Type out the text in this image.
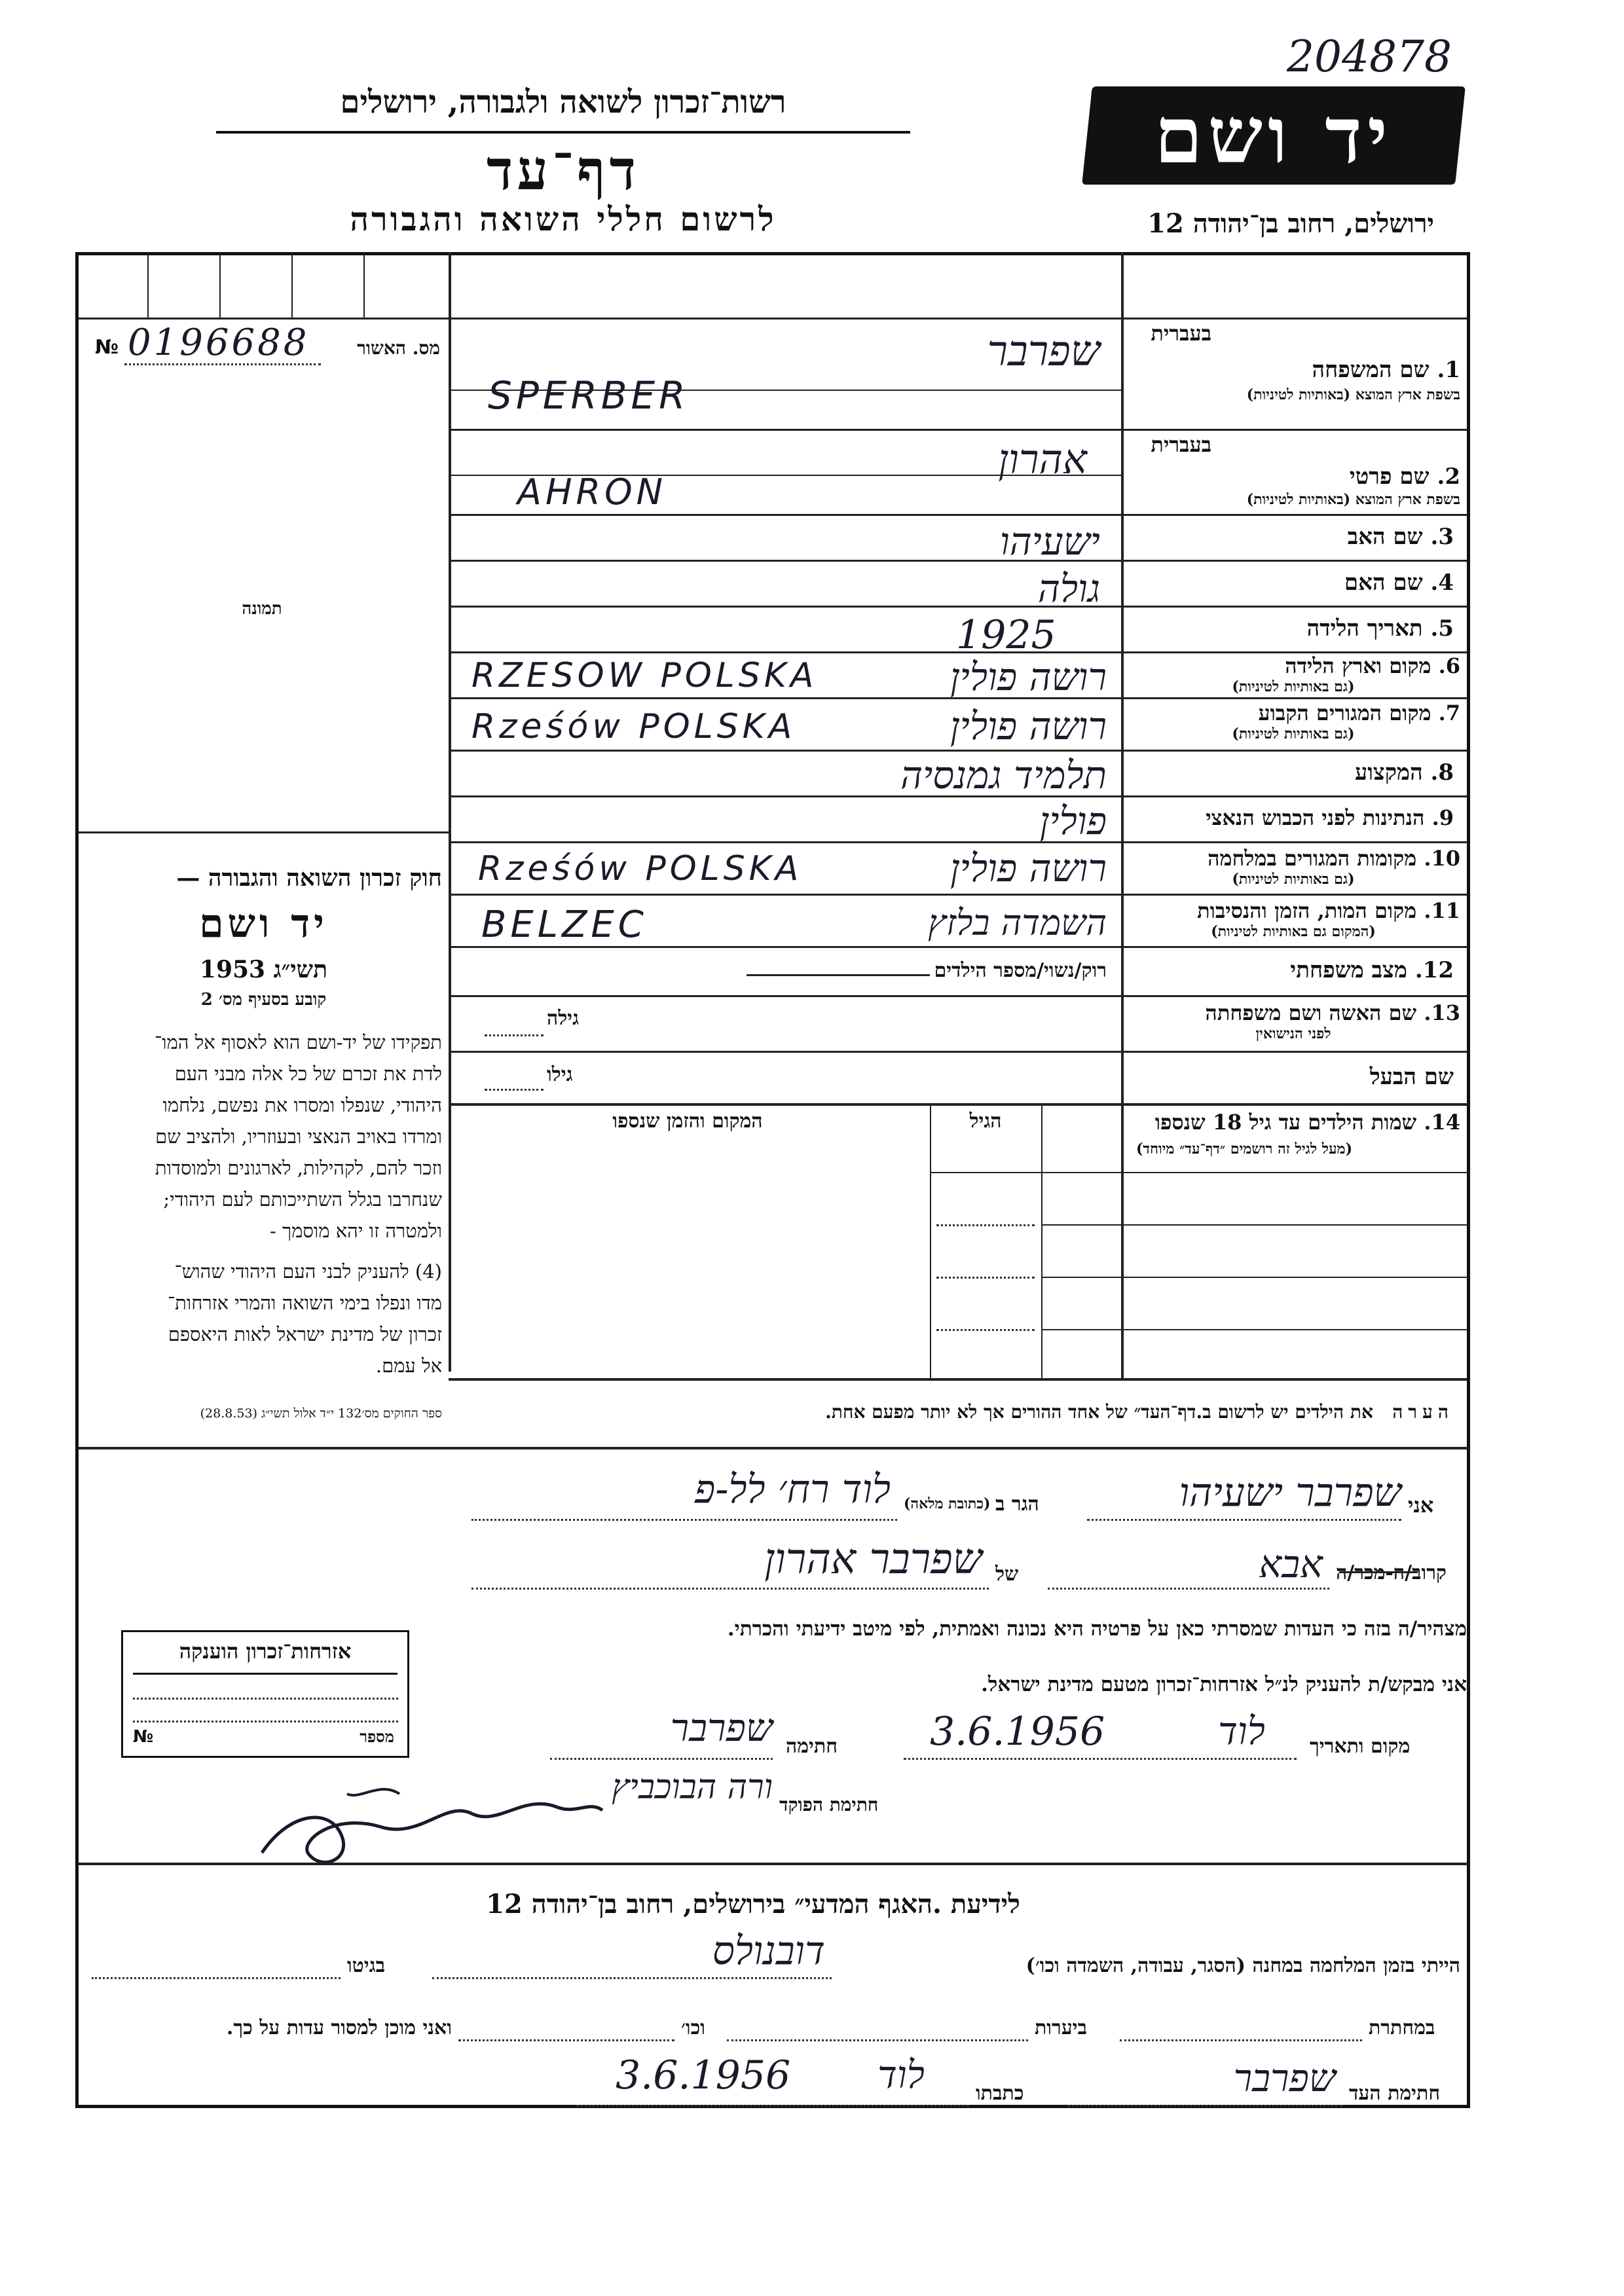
204878
רשות־זכרון לשואה ולגבורה, ירושלים
דף־עד
לרשום חללי השואה והגבורה
יד ושם
ירושלים, רחוב בן־יהודה 12
№ 0196688	מס. האשור
תמונה
חוק זכרון השואה והגבורה —
יד ושם
תשי״ג 1953
קובע בסעיף מס׳ 2
תפקידו של יד-ושם הוא לאסוף אל המו־
לדת את זכרם של כל אלה מבני העם
היהודי, שנפלו ומסרו את נפשם, נלחמו
ומרדו באויב הנאצי ובעוזריו, ולהציב שם
וזכר להם, לקהילות, לארגונים ולמוסדות
שנחרבו בגלל השתייכותם לעם היהודי;
ולמטרה זו יהא מוסמך -
(4) להעניק לבני העם היהודי שהוש־
מדו ונפלו בימי השואה והמרי אזרחות־
זכרון של מדינת ישראל לאות היאספם
אל עמם.
ספר החוקים מס׳132 י״ד אלול תשי״ג (28.8.53)
בעברית
1. שם המשפחה
בשפת ארץ המוצא (באותיות לטיניות)
בעברית
2. שם פרטי
בשפת ארץ המוצא (באותיות לטיניות)
3. שם האב
4. שם האם
5. תאריך הלידה
6. מקום וארץ הלידה
(גם באותיות לטיניות)
7. מקום המגורים הקבוע
(גם באותיות לטיניות)
8. המקצוע
9. הנתינות לפני הכבוש הנאצי
10. מקומות המגורים במלחמה
(גם באותיות לטיניות)
11. מקום המות, הזמן והנסיבות
(המקום גם באותיות לטיניות)
12. מצב משפחתי
13. שם האשה ושם משפחתה
לפני הנישואין
שם הבעל
שפרבר
SPERBER
אהרון
AHRON
ישעיהו
גולה
1925
רושה פולין
RZESOW POLSKA
רושה פולין
Rześów POLSKA
תלמיד גמנסיה
פולין
רושה פולין
Rześów POLSKA
השמדה בלזץ
BELZEC
רוק/נשוי/מספר הילדים
גילה
גילו
14. שמות הילדים עד גיל 18 שנספו
(מעל לגיל זה רושמים ״דף־עד״ מיוחד)
הגיל
המקום והזמן שנספו
הערה   את הילדים יש לרשום ב.דף־העד״ של אחד ההורים אך לא יותר מפעם אחת.
אני
שפרבר ישעיהו
הגר ב
(כתובת מלאה)
לוד רח׳ לל-פ
קרוב/ה-מכר/ה
אבא
של
שפרבר אהרון
מצהיר/ה בזה כי העדות שמסרתי כאן על פרטיה היא נכונה ואמתית, לפי מיטב ידיעתי והכרתי.
אני מבקש/ת להעניק לנ״ל אזרחות־זכרון מטעם מדינת ישראל.
מקום ותאריך
לוד
3.6.1956
חתימה
שפרבר
חתימת הפוקד
ורה הבוכביץ
אזרחות־זכרון הוענקה
מספר
№
לידיעת .האגף המדעי״ בירושלים, רחוב בן־יהודה 12
הייתי בזמן המלחמה במחנה (הסגר, עבודה, השמדה וכו׳)
דובנולס
בגיטו
במחתרת
ביערות
וכו׳
ואני מוכן למסור עדות על כך.
חתימת העד
שפרבר
כתבתו
לוד
3.6.1956
